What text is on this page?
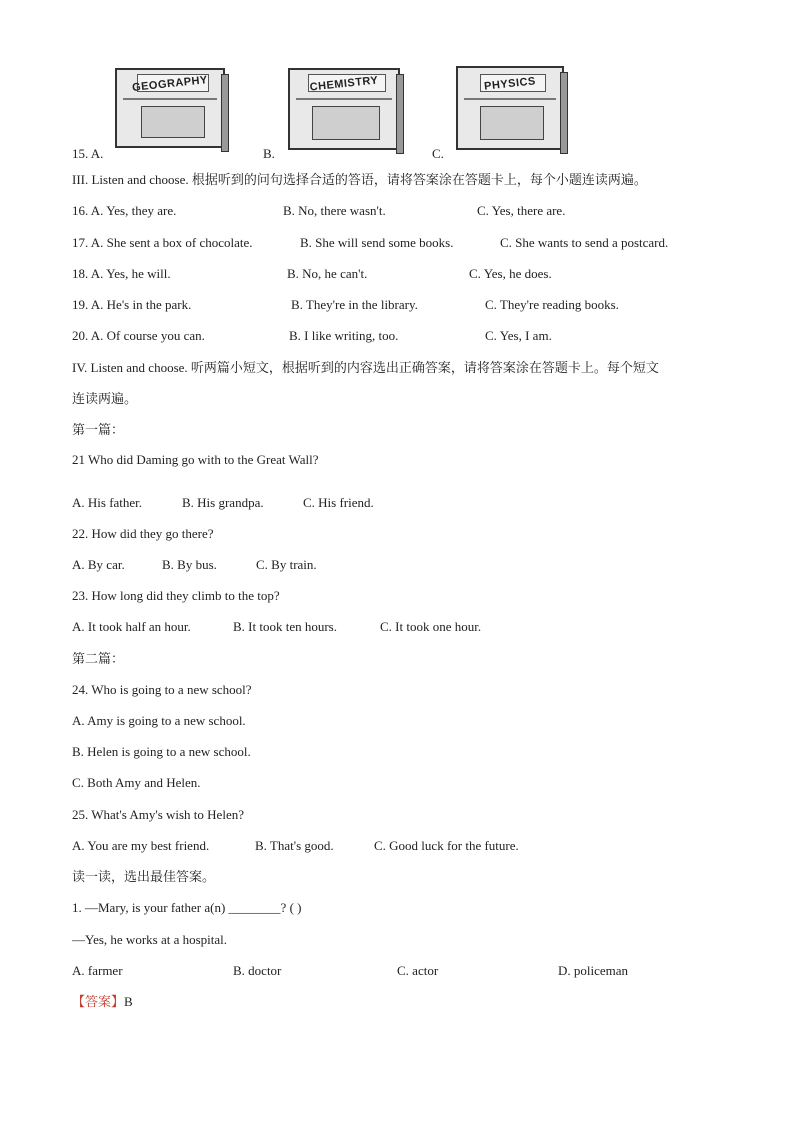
GEOGRAPHY	CHEMISTRY	PHYSICS
15. A.	B.	C.
III. Listen and choose. 根据听到的问句选择合适的答语，请将答案涂在答题卡上，每个小题连读两遍。
16. A. Yes, they are.	B. No, there wasn't.	C. Yes, there are.
17. A. She sent a box of chocolate.	B. She will send some books.	C. She wants to send a postcard.
18. A. Yes, he will.	B. No, he can't.	C. Yes, he does.
19. A. He's in the park.	B. They're in the library.	C. They're reading books.
20. A. Of course you can.	B. I like writing, too.	C. Yes, I am.
IV. Listen and choose. 听两篇小短文，根据听到的内容选出正确答案，请将答案涂在答题卡上。每个短文
连读两遍。
第一篇：
21 Who did Daming go with to the Great Wall?
A. His father.	B. His grandpa.	C. His friend.
22. How did they go there?
A. By car.	B. By bus.	C. By train.
23. How long did they climb to the top?
A. It took half an hour.	B. It took ten hours.	C. It took one hour.
第二篇：
24. Who is going to a new school?
A. Amy is going to a new school.
B. Helen is going to a new school.
C. Both Amy and Helen.
25. What's Amy's wish to Helen?
A. You are my best friend.	B. That's good.	C. Good luck for the future.
读一读，选出最佳答案。
1. —Mary, is your father a(n) ________? ( )
—Yes, he works at a hospital.
A. farmer	B. doctor	C. actor	D. policeman
【答案】B
